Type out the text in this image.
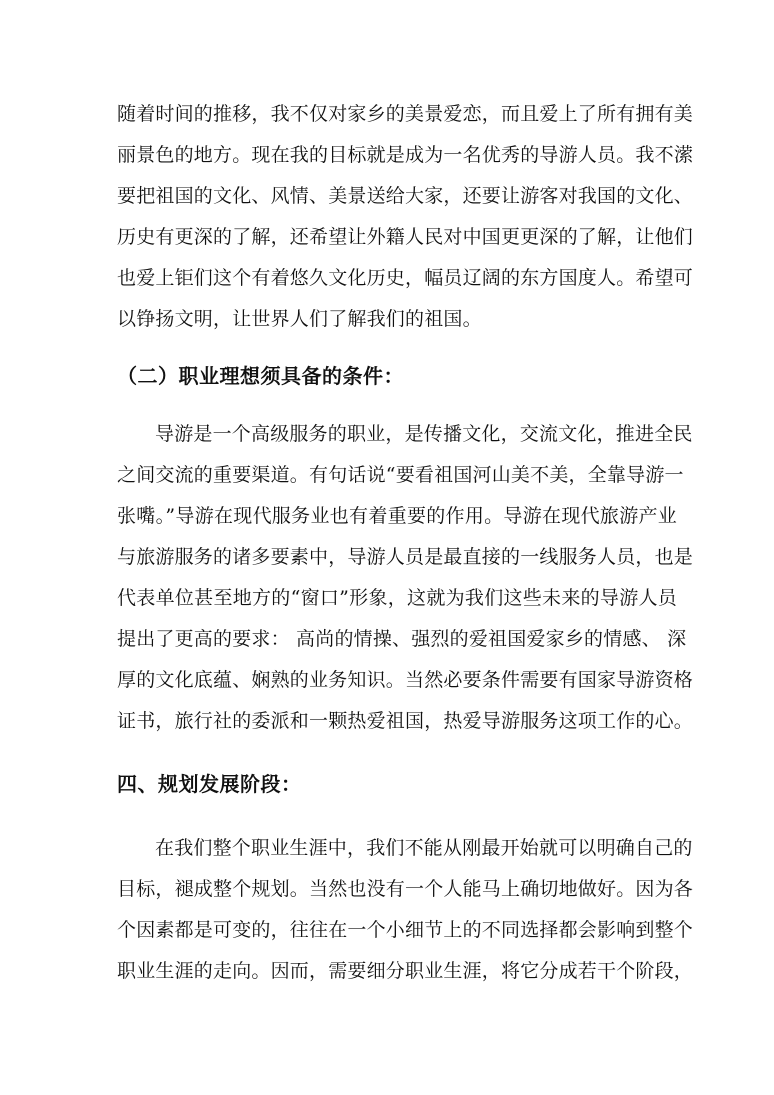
随着时间的推移，我不仅对家乡的美景爱恋，而且爱上了所有拥有美
丽景色的地方。现在我的目标就是成为一名优秀的导游人员。我不潆
要把祖国的文化、风情、美景送给大家，还要让游客对我国的文化、
历史有更深的了解，还希望让外籍人民对中国更更深的了解，让他们
也爱上钜们这个有着悠久文化历史，幅员辽阔的东方国度人。希望可
以铮扬文明，让世界人们了解我们的祖国。
（二）职业理想须具备的条件：
导游是一个高级服务的职业，是传播文化，交流文化，推进全民
之间交流的重要渠道。有句话说“要看祖国河山美不美，全靠导游一
张嘴。”导游在现代服务业也有着重要的作用。导游在现代旅游产业
与旅游服务的诸多要素中，导游人员是最直接的一线服务人员，也是
代表单位甚至地方的“窗口”形象，这就为我们这些未来的导游人员
提出了更高的要求： 高尚的情操、强烈的爱祖国爱家乡的情感、 深
厚的文化底蕴、娴熟的业务知识。当然必要条件需要有国家导游资格
证书，旅行社的委派和一颗热爱祖国，热爱导游服务这项工作的心。
四、规划发展阶段：
在我们整个职业生涯中，我们不能从刚最开始就可以明确自己的
目标，褪成整个规划。当然也没有一个人能马上确切地做好。因为各
个因素都是可变的，往往在一个小细节上的不同选择都会影响到整个
职业生涯的走向。因而，需要细分职业生涯，将它分成若干个阶段，
